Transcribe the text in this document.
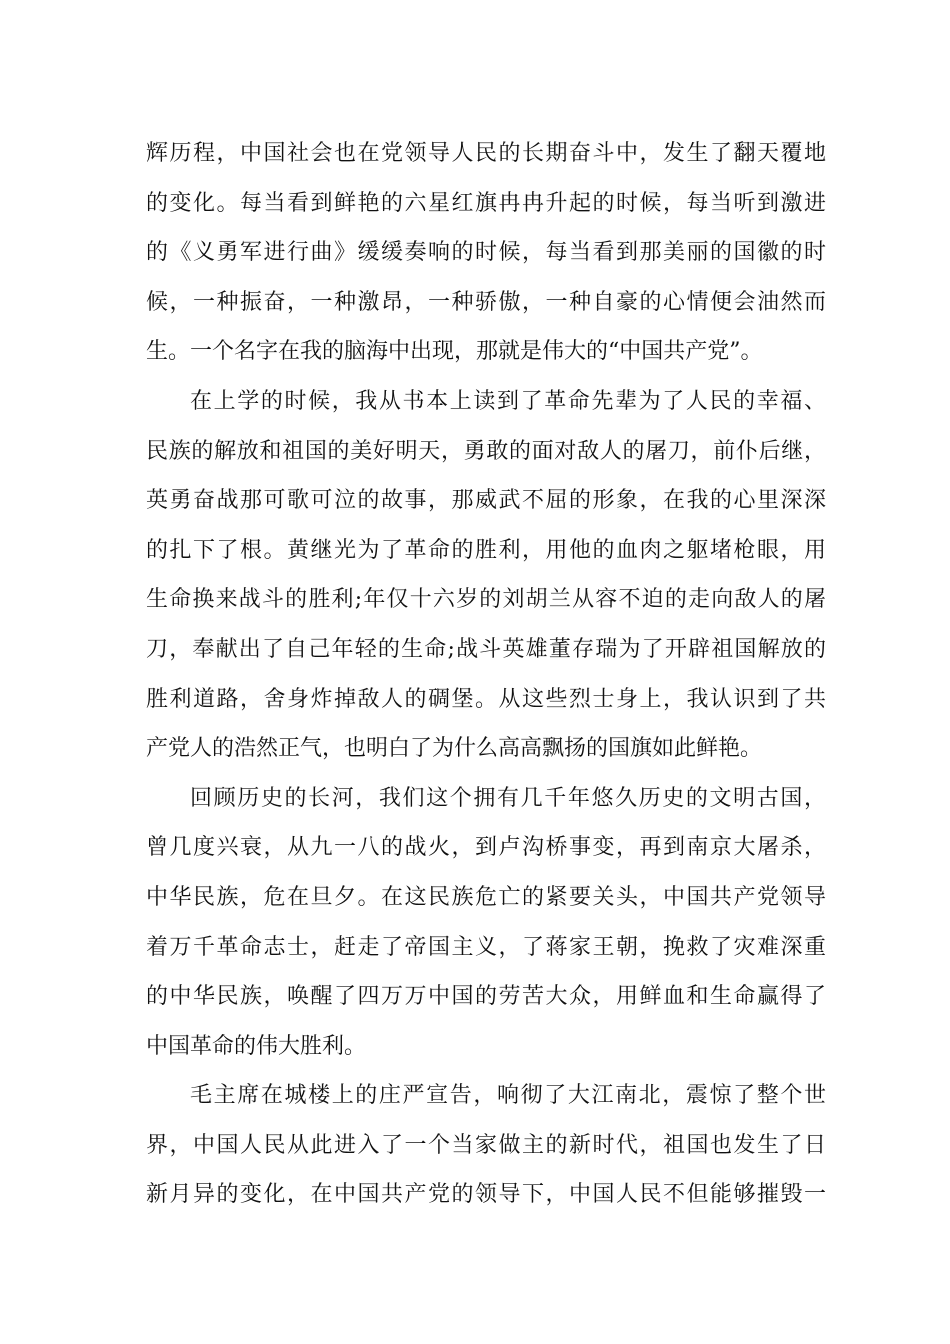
辉历程，中国社会也在党领导人民的长期奋斗中，发生了翻天覆地
的变化。每当看到鲜艳的六星红旗冉冉升起的时候，每当听到激进
的《义勇军进行曲》缓缓奏响的时候，每当看到那美丽的国徽的时
候，一种振奋，一种激昂，一种骄傲，一种自豪的心情便会油然而
生。一个名字在我的脑海中出现，那就是伟大的“中国共产党”。
在上学的时候，我从书本上读到了革命先辈为了人民的幸福、
民族的解放和祖国的美好明天，勇敢的面对敌人的屠刀，前仆后继，
英勇奋战那可歌可泣的故事，那威武不屈的形象，在我的心里深深
的扎下了根。黄继光为了革命的胜利，用他的血肉之躯堵枪眼，用
生命换来战斗的胜利;年仅十六岁的刘胡兰从容不迫的走向敌人的屠
刀，奉献出了自己年轻的生命;战斗英雄董存瑞为了开辟祖国解放的
胜利道路，舍身炸掉敌人的碉堡。从这些烈士身上，我认识到了共
产党人的浩然正气，也明白了为什么高高飘扬的国旗如此鲜艳。
回顾历史的长河，我们这个拥有几千年悠久历史的文明古国，
曾几度兴衰，从九一八的战火，到卢沟桥事变，再到南京大屠杀，
中华民族，危在旦夕。在这民族危亡的紧要关头，中国共产党领导
着万千革命志士，赶走了帝国主义，了蒋家王朝，挽救了灾难深重
的中华民族，唤醒了四万万中国的劳苦大众，用鲜血和生命赢得了
中国革命的伟大胜利。
毛主席在城楼上的庄严宣告，响彻了大江南北，震惊了整个世
界，中国人民从此进入了一个当家做主的新时代，祖国也发生了日
新月异的变化，在中国共产党的领导下，中国人民不但能够摧毁一
